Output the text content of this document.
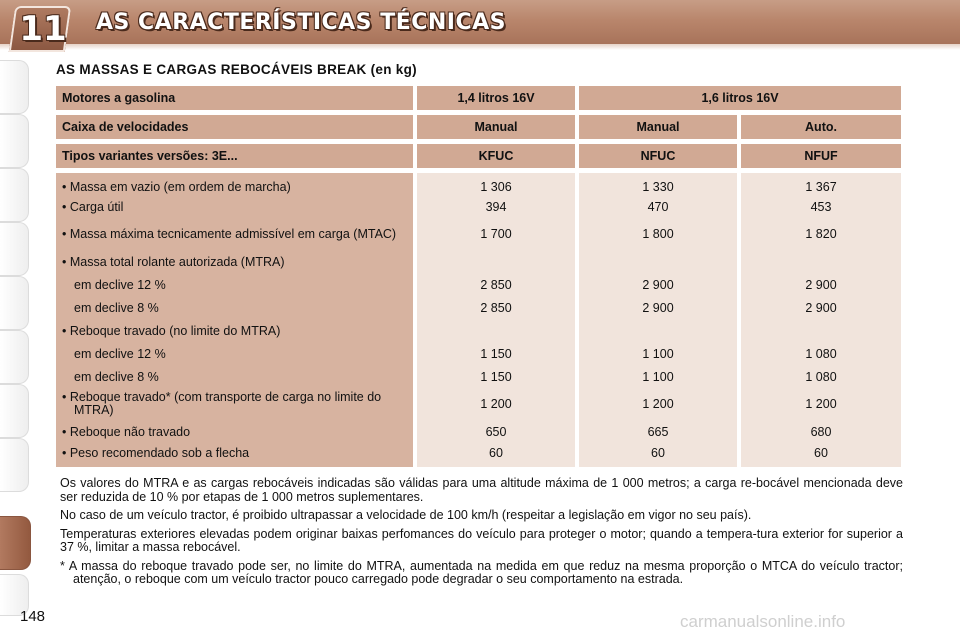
11 AS CARACTERÍSTICAS TÉCNICAS
AS MASSAS E CARGAS REBOCÁVEIS BREAK (en kg)
Motores a gasolina	1,4 litros 16V	1,6 litros 16V	

Caixa de velocidades	Manual	Manual	Auto.

Tipos variantes versões: 3E...	KFUC	NFUC	NFUF

• Massa em vazio (em ordem de marcha)	1 306	1 330	1 367
• Carga útil	394	470	453

• Massa máxima tecnicamente admissível em carga (MTAC)	1 700	1 800	1 820
• Massa total rolante autorizada (MTRA)			

em declive 12 %	2 850	2 900	2 900

em declive 8 %	2 850	2 900	2 900
• Reboque travado (no limite do MTRA)			

em declive 12 %	1 150	1 100	1 080

em declive 8 %	1 150	1 100	1 080

• Reboque travado* (com transporte de carga no limite do MTRA)	1 200	1 200	1 200
• Reboque não travado	650	665	680
• Peso recomendado sob a flecha	60	60	60

Os valores do MTRA e as cargas rebocáveis indicadas são válidas para uma altitude máxima de 1 000 metros; a carga re-bocável mencionada deve ser reduzida de 10 % por etapas de 1 000 metros suplementares.

No caso de um veículo tractor, é proibido ultrapassar a velocidade de 100 km/h (respeitar a legislação em vigor no seu país).

Temperaturas exteriores elevadas podem originar baixas perfomances do veículo para proteger o motor; quando a tempera-tura exterior for superior a 37 %, limitar a massa rebocável.

* A massa do reboque travado pode ser, no limite do MTRA, aumentada na medida em que reduz na mesma proporção o MTCA do veículo tractor; atenção, o reboque com um veículo tractor pouco carregado pode degradar o seu comportamento na estrada.

148	carmanualsonline.info
